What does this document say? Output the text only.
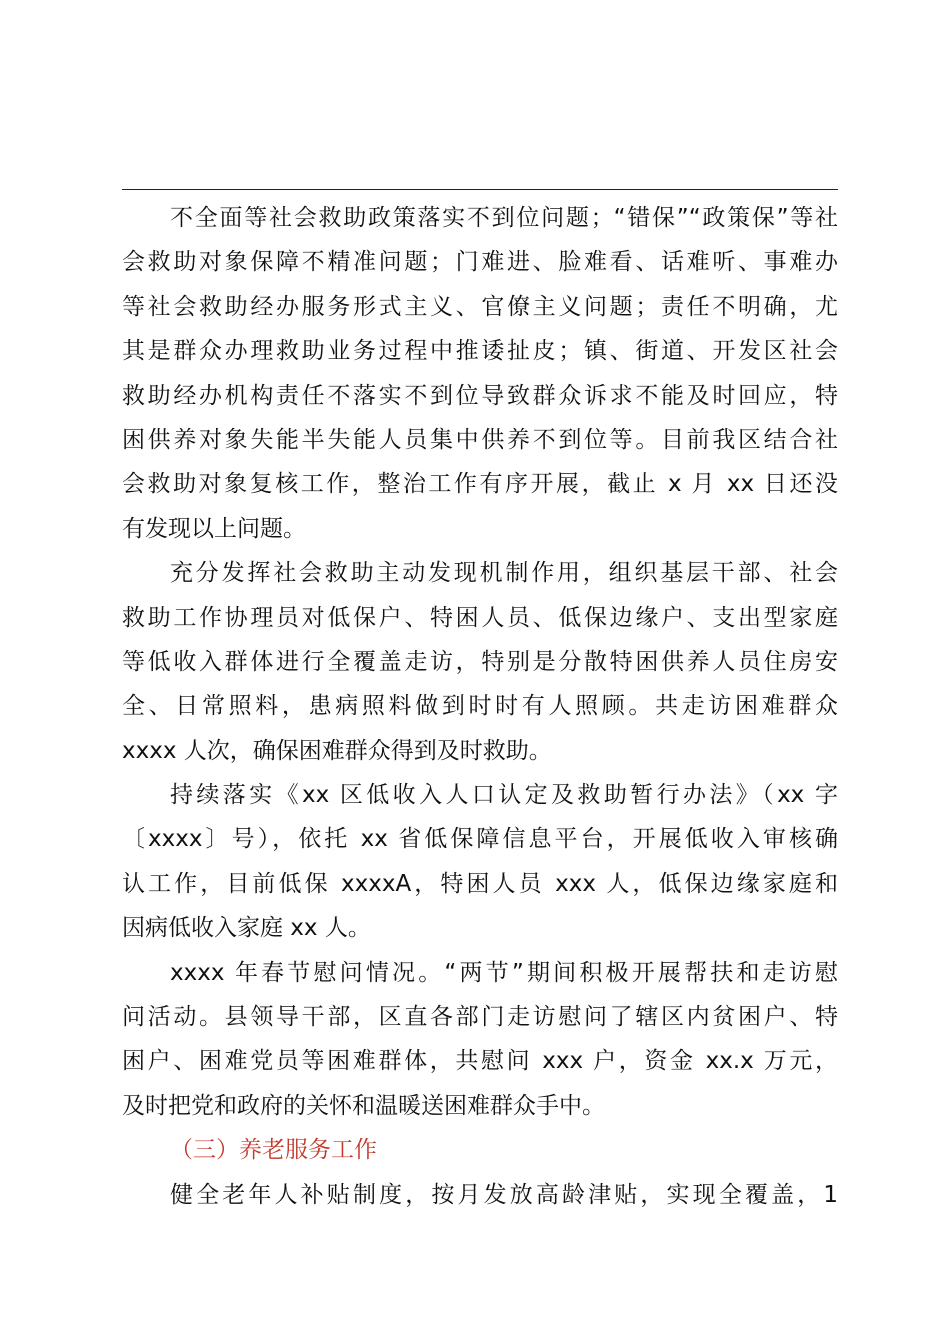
不全面等社会救助政策落实不到位问题；“错保”“政策保”等社
会救助对象保障不精准问题；门难进、脸难看、话难听、事难办
等社会救助经办服务形式主义、官僚主义问题；责任不明确，尤
其是群众办理救助业务过程中推诿扯皮；镇、街道、开发区社会
救助经办机构责任不落实不到位导致群众诉求不能及时回应，特
困供养对象失能半失能人员集中供养不到位等。目前我区结合社
会救助对象复核工作，整治工作有序开展，截止 x 月 xx 日还没
有发现以上问题。
充分发挥社会救助主动发现机制作用，组织基层干部、社会
救助工作协理员对低保户、特困人员、低保边缘户、支出型家庭
等低收入群体进行全覆盖走访，特别是分散特困供养人员住房安
全、日常照料，患病照料做到时时有人照顾。共走访困难群众
xxxx 人次，确保困难群众得到及时救助。
持续落实《xx 区低收入人口认定及救助暂行办法》（xx 字
〔xxxx〕号），依托 xx 省低保障信息平台，开展低收入审核确
认工作，目前低保 xxxxA，特困人员 xxx 人，低保边缘家庭和
因病低收入家庭 xx 人。
xxxx 年春节慰问情况。“两节”期间积极开展帮扶和走访慰
问活动。县领导干部，区直各部门走访慰问了辖区内贫困户、特
困户、困难党员等困难群体，共慰问 xxx 户，资金 xx.x 万元，
及时把党和政府的关怀和温暖送困难群众手中。
（三）养老服务工作
健全老年人补贴制度，按月发放高龄津贴，实现全覆盖，1
